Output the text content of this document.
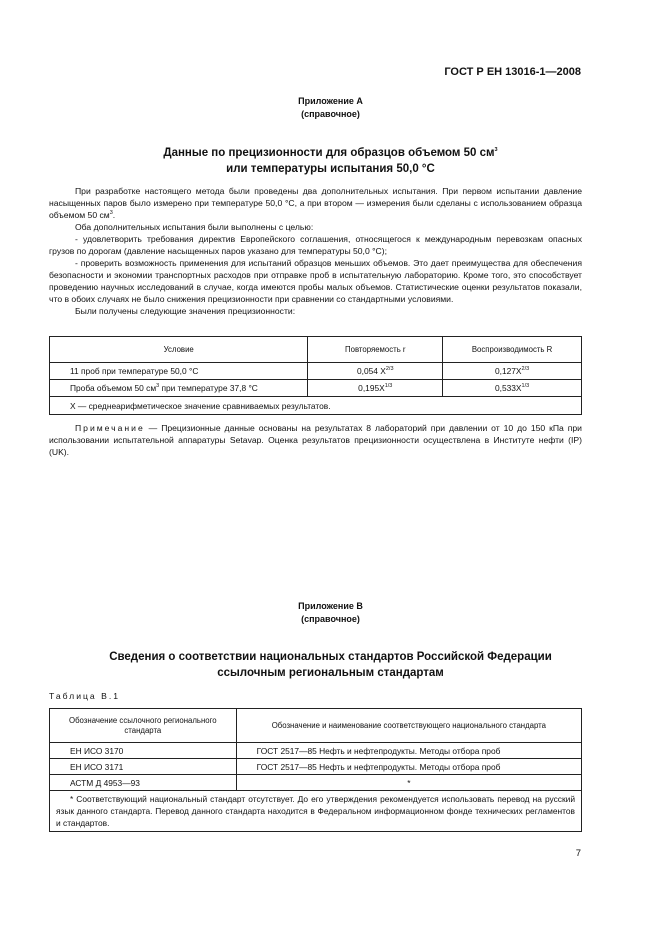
ГОСТ Р ЕН 13016-1—2008
Приложение А
(справочное)
Данные по прецизионности для образцов объемом 50 $см^3$
или температуры испытания 50,0 °С

При разработке настоящего метода были проведены два дополнительных испытания. При первом испытании давление насыщенных паров было измерено при температуре 50,0 °С, а при втором — измерения были сделаны с использованием образца объемом 50 $см^3$.

Оба дополнительных испытания были выполнены с целью:

- удовлетворить требования директив Европейского соглашения, относящегося к международным перевозкам опасных грузов по дорогам (давление насыщенных паров указано для температуры 50,0 °С);

- проверить возможность применения для испытаний образцов меньших объемов. Это дает преимущества для обеспечения безопасности и экономии транспортных расходов при отправке проб в испытательную лабораторию. Кроме того, это способствует проведению научных исследований в случае, когда имеются пробы малых объемов. Статистические оценки результатов показали, что в обоих случаях не было снижения прецизионности при сравнении со стандартными условиями.

Были получены следующие значения прецизионности:

Условие	Повторяемость r	Воспроизводимость R
11 проб при температуре 50,0 °С	0,054 $X^{2/3}$	$0,127X^{2/3}$
Проба объемом 50 $см^3$ при температуре 37,8 °С	$0,195X^{1/3}$	$0,533X^{1/3}$
X — среднеарифметическое значение сравниваемых результатов.		

Примечание — Прецизионные данные основаны на результатах 8 лабораторий при давлении от 10 до 150 кПа при использовании испытательной аппаратуры Setavap. Оценка результатов прецизионности осуществлена в Институте нефти (IP) (UK).

Приложение В
(справочное)
Сведения о соответствии национальных стандартов Российской Федерации
ссылочным региональным стандартам
Таблица В.1
Обозначение ссылочного регионального стандарта	Обозначение и наименование соответствующего национального стандарта
ЕН ИСО 3170	ГОСТ 2517—85 Нефть и нефтепродукты. Методы отбора проб
ЕН ИСО 3171	ГОСТ 2517—85 Нефть и нефтепродукты. Методы отбора проб
АСТМ Д 4953—93	*
* Соответствующий национальный стандарт отсутствует. До его утверждения рекомендуется использовать перевод на русский язык данного стандарта. Перевод данного стандарта находится в Федеральном информационном фонде технических регламентов и стандартов.	
7
